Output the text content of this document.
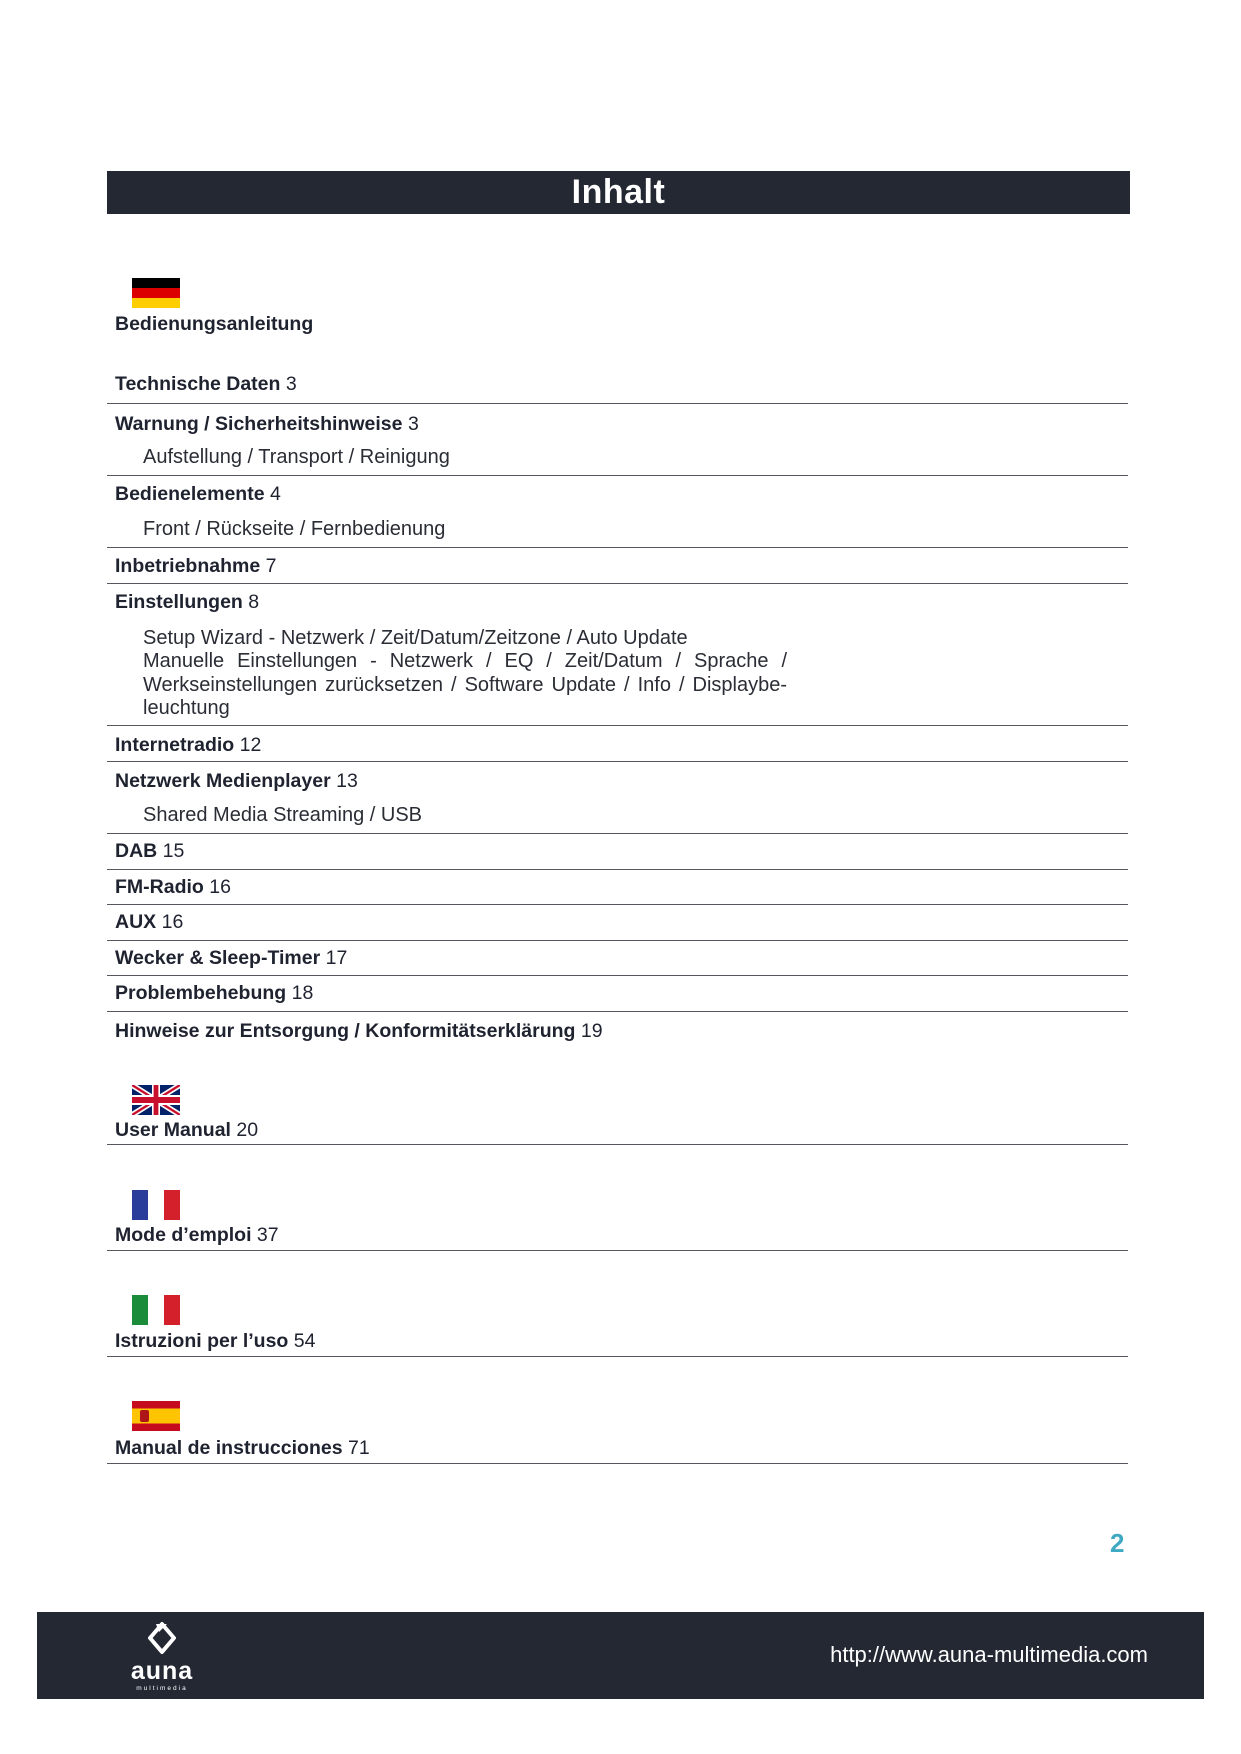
Inhalt
Bedienungsanleitung
Technische Daten 3
Warnung / Sicherheitshinweise 3
Aufstellung / Transport / Reinigung
Bedienelemente 4
Front / Rückseite / Fernbedienung
Inbetriebnahme 7
Einstellungen 8
Setup Wizard - Netzwerk / Zeit/Datum/Zeitzone / Auto Update
Manuelle Einstellungen - Netzwerk / EQ / Zeit/Datum / Sprache / Werkseinstellungen zurücksetzen / Software Update / Info / Displaybe-leuchtung
Internetradio 12
Netzwerk Medienplayer 13
Shared Media Streaming / USB
DAB 15
FM-Radio 16
AUX 16
Wecker & Sleep-Timer 17
Problembehebung 18
Hinweise zur Entsorgung / Konformitätserklärung 19
User Manual 20
Mode d’emploi 37
Istruzioni per l’uso 54
Manual de instrucciones 71
2
auna
multimedia
http://www.auna-multimedia.com
